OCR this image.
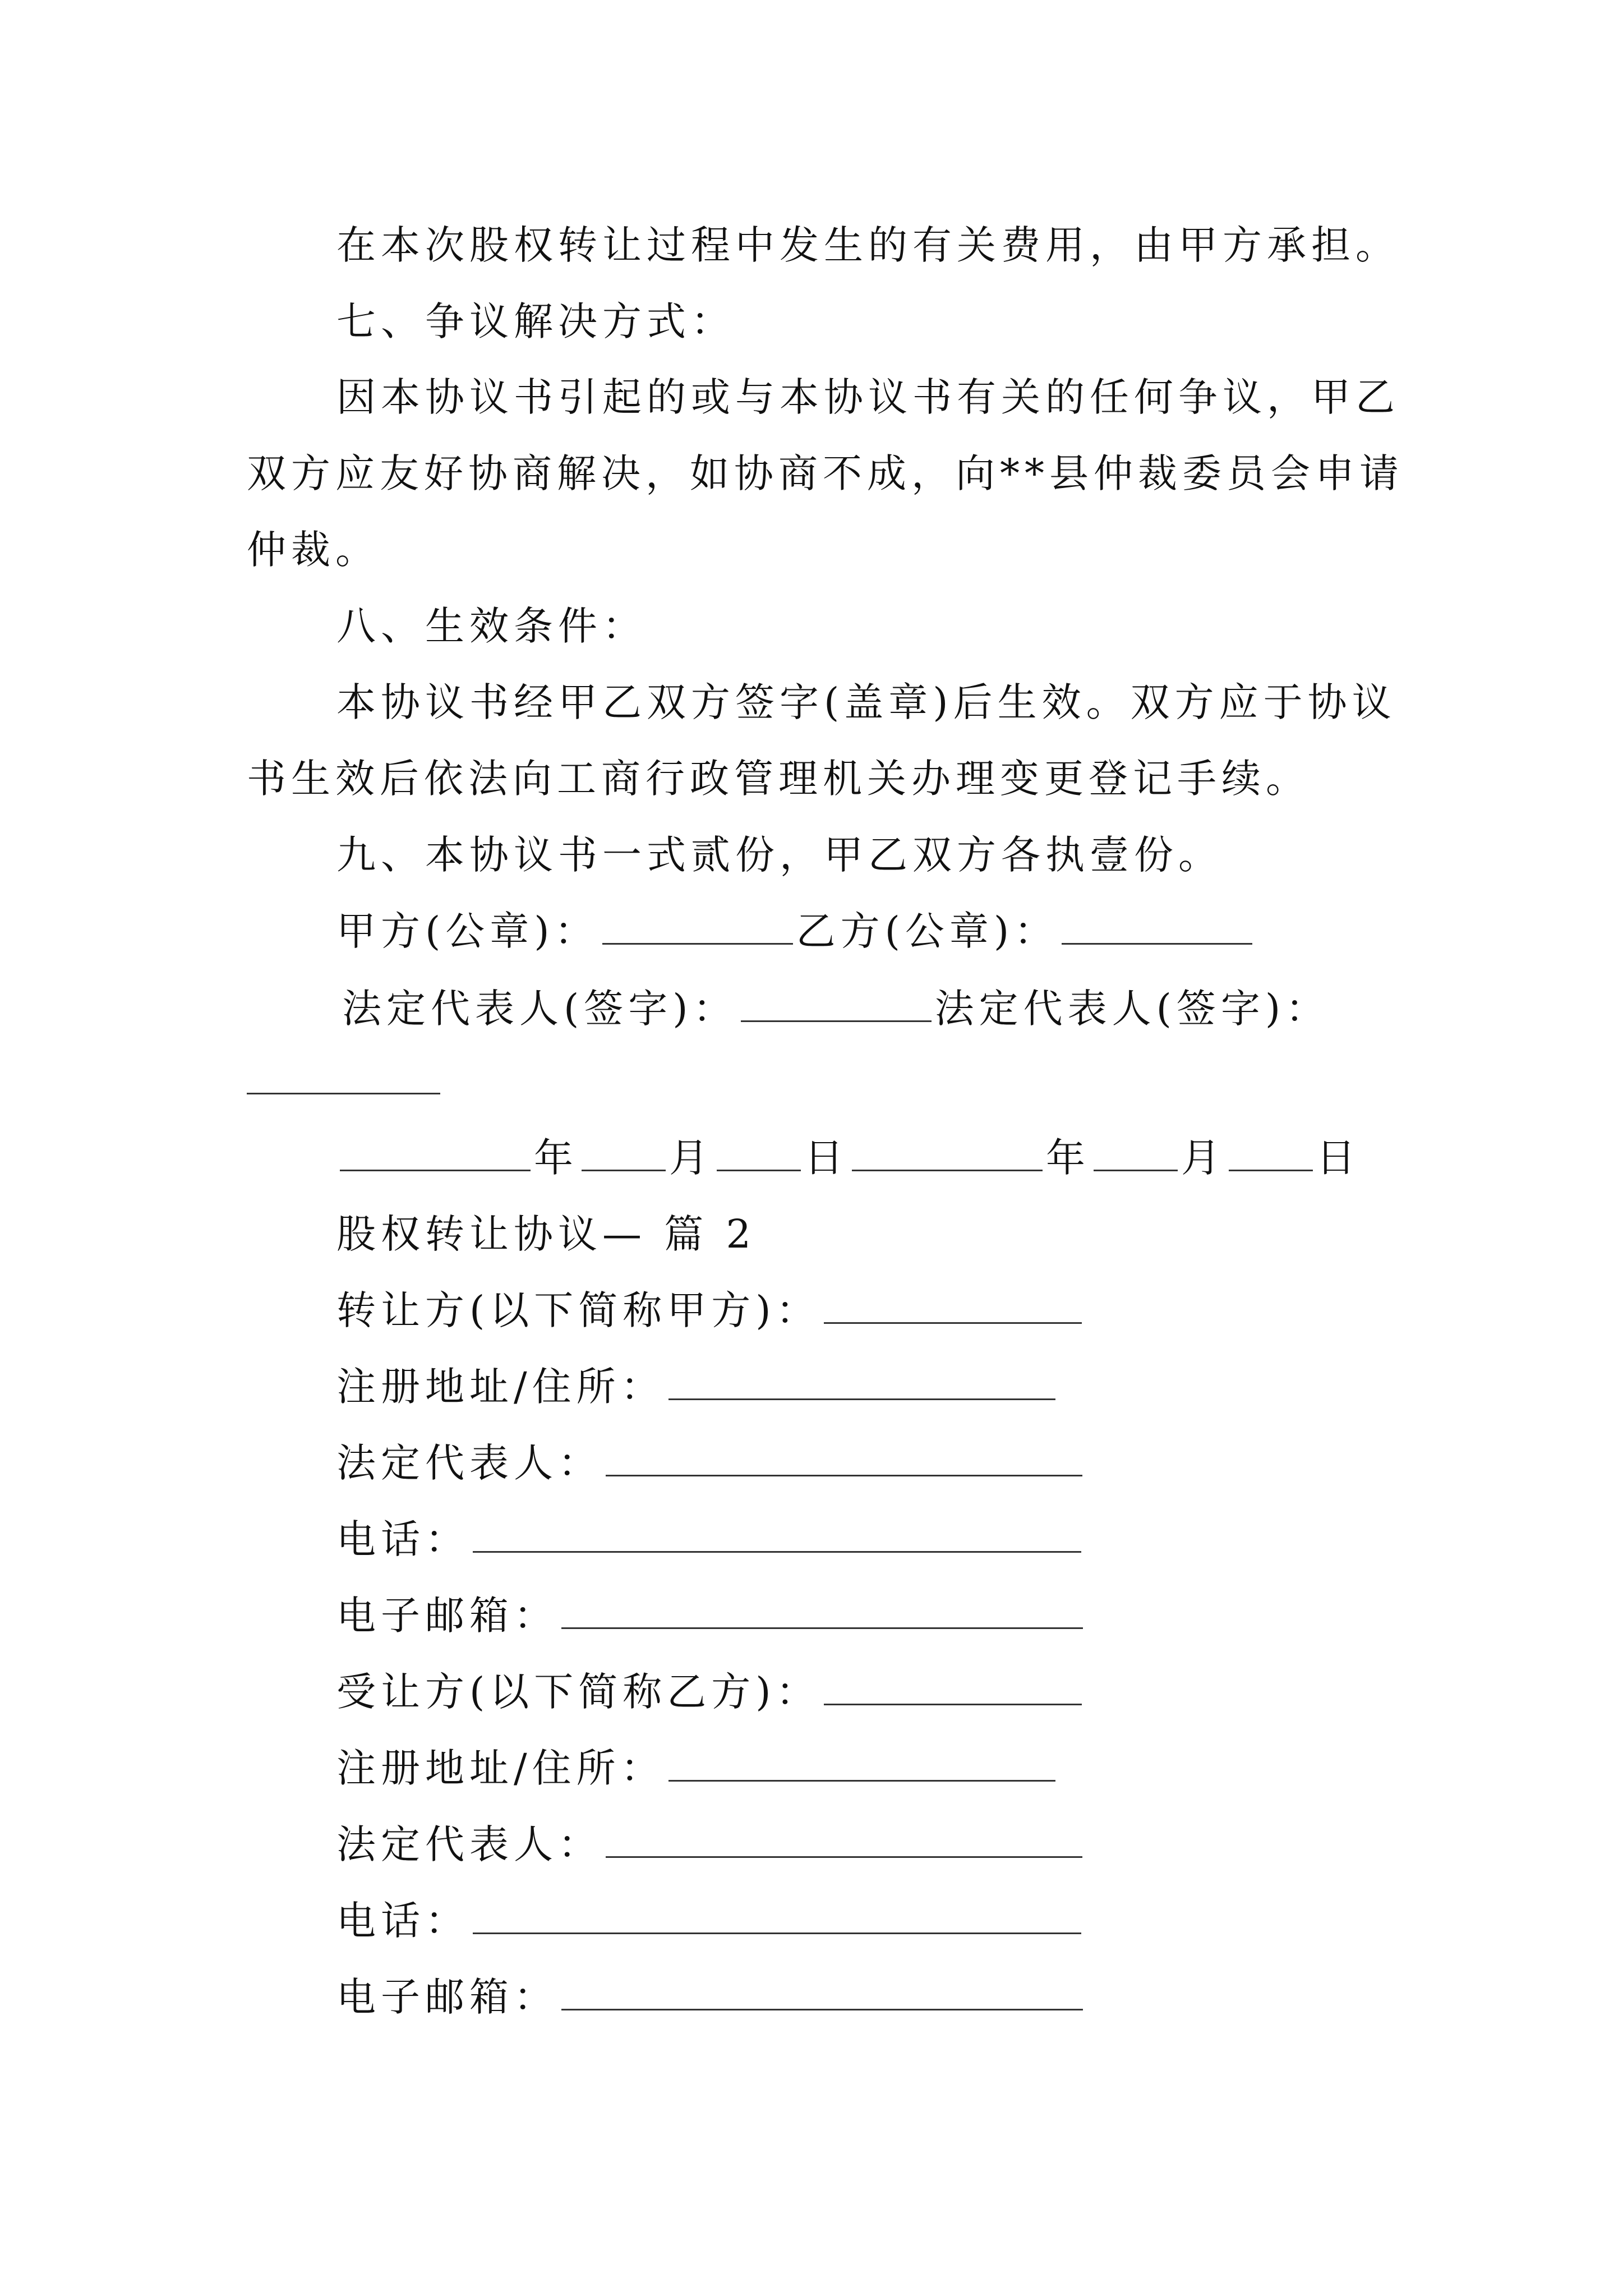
在本次股权转让过程中发生的有关费用，由甲方承担。
七、争议解决方式：
因本协议书引起的或与本协议书有关的任何争议，甲乙
双方应友好协商解决，如协商不成，向**县仲裁委员会申请
仲裁。
八、生效条件：
本协议书经甲乙双方签字(盖章)后生效。双方应于协议
书生效后依法向工商行政管理机关办理变更登记手续。
九、本协议书一式贰份，甲乙双方各执壹份。
甲方(公章)：	乙方(公章)：
法定代表人(签字)：	法定代表人(签字)：
年 月 日	年 月 日
股权转让协议— 篇 2
转让方(以下简称甲方)：
注册地址/住所：
法定代表人：
电话：
电子邮箱：
受让方(以下简称乙方)：
注册地址/住所：
法定代表人：
电话：
电子邮箱：
